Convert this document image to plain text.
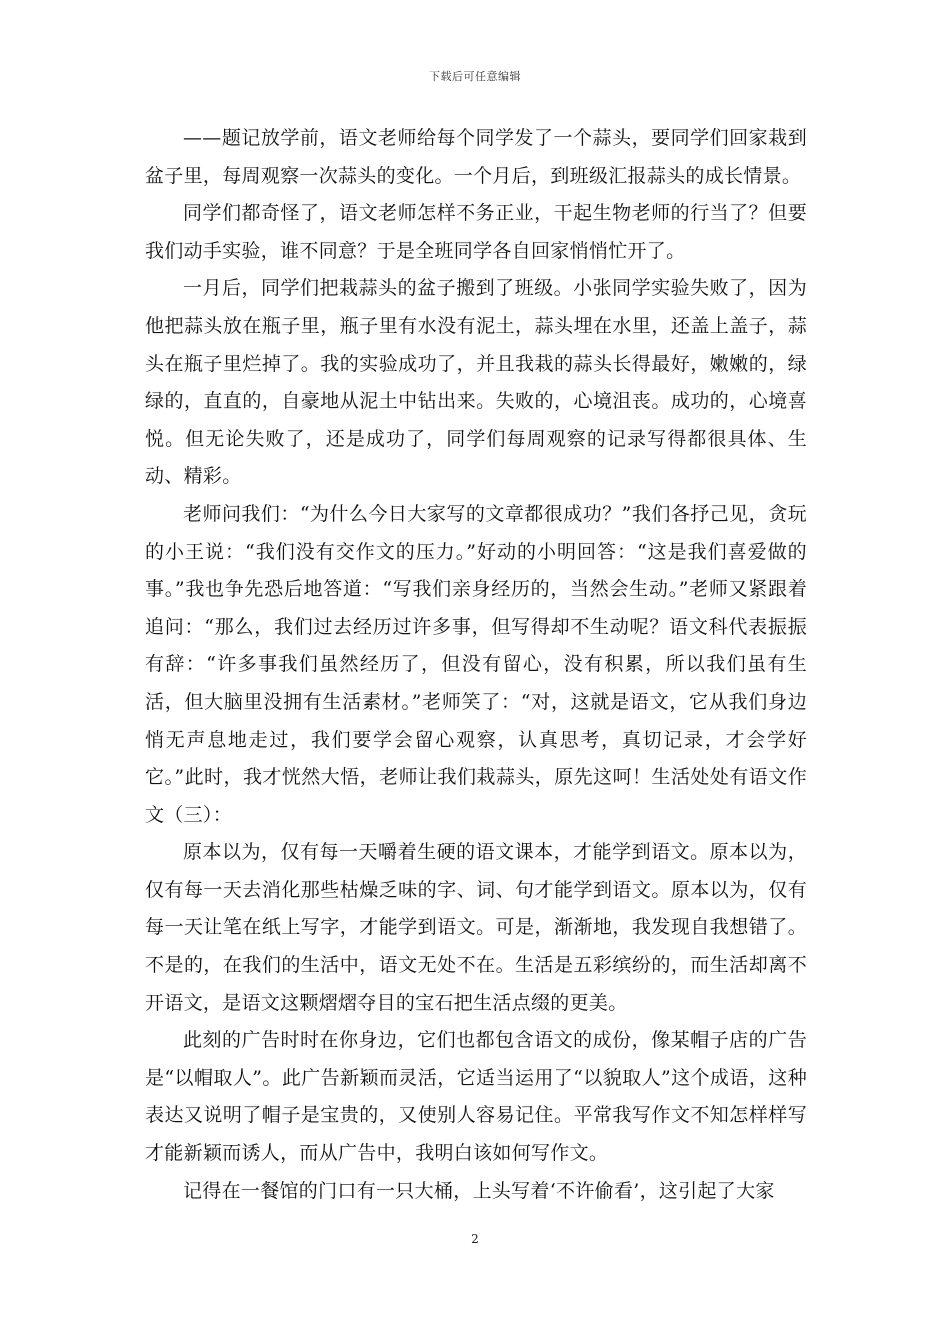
下载后可任意编辑

——题记放学前，语文老师给每个同学发了一个蒜头，要同学们回家栽到盆子里，每周观察一次蒜头的变化。一个月后，到班级汇报蒜头的成长情景。

同学们都奇怪了，语文老师怎样不务正业，干起生物老师的行当了？但要我们动手实验，谁不同意？于是全班同学各自回家悄悄忙开了。

一月后，同学们把栽蒜头的盆子搬到了班级。小张同学实验失败了，因为他把蒜头放在瓶子里，瓶子里有水没有泥土，蒜头埋在水里，还盖上盖子，蒜头在瓶子里烂掉了。我的实验成功了，并且我栽的蒜头长得最好，嫩嫩的，绿绿的，直直的，自豪地从泥土中钻出来。失败的，心境沮丧。成功的，心境喜悦。但无论失败了，还是成功了，同学们每周观察的记录写得都很具体、生动、精彩。

老师问我们：“为什么今日大家写的文章都很成功？”我们各抒己见，贪玩的小王说：“我们没有交作文的压力。”好动的小明回答：“这是我们喜爱做的事。”我也争先恐后地答道：“写我们亲身经历的，当然会生动。”老师又紧跟着追问：“那么，我们过去经历过许多事，但写得却不生动呢？语文科代表振振有辞：“许多事我们虽然经历了，但没有留心，没有积累，所以我们虽有生活，但大脑里没拥有生活素材。”老师笑了：“对，这就是语文，它从我们身边悄无声息地走过，我们要学会留心观察，认真思考，真切记录，才会学好它。”此时，我才恍然大悟，老师让我们栽蒜头，原先这呵！生活处处有语文作文（三）：

原本以为，仅有每一天嚼着生硬的语文课本，才能学到语文。原本以为，仅有每一天去消化那些枯燥乏味的字、词、句才能学到语文。原本以为，仅有每一天让笔在纸上写字，才能学到语文。可是，渐渐地，我发现自我想错了。不是的，在我们的生活中，语文无处不在。生活是五彩缤纷的，而生活却离不开语文，是语文这颗熠熠夺目的宝石把生活点缀的更美。

此刻的广告时时在你身边，它们也都包含语文的成份，像某帽子店的广告是“以帽取人”。此广告新颖而灵活，它适当运用了“以貌取人”这个成语，这种表达又说明了帽子是宝贵的，又使别人容易记住。平常我写作文不知怎样样写才能新颖而诱人，而从广告中，我明白该如何写作文。

记得在一餐馆的门口有一只大桶，上头写着‘不许偷看’，这引起了大家

2
